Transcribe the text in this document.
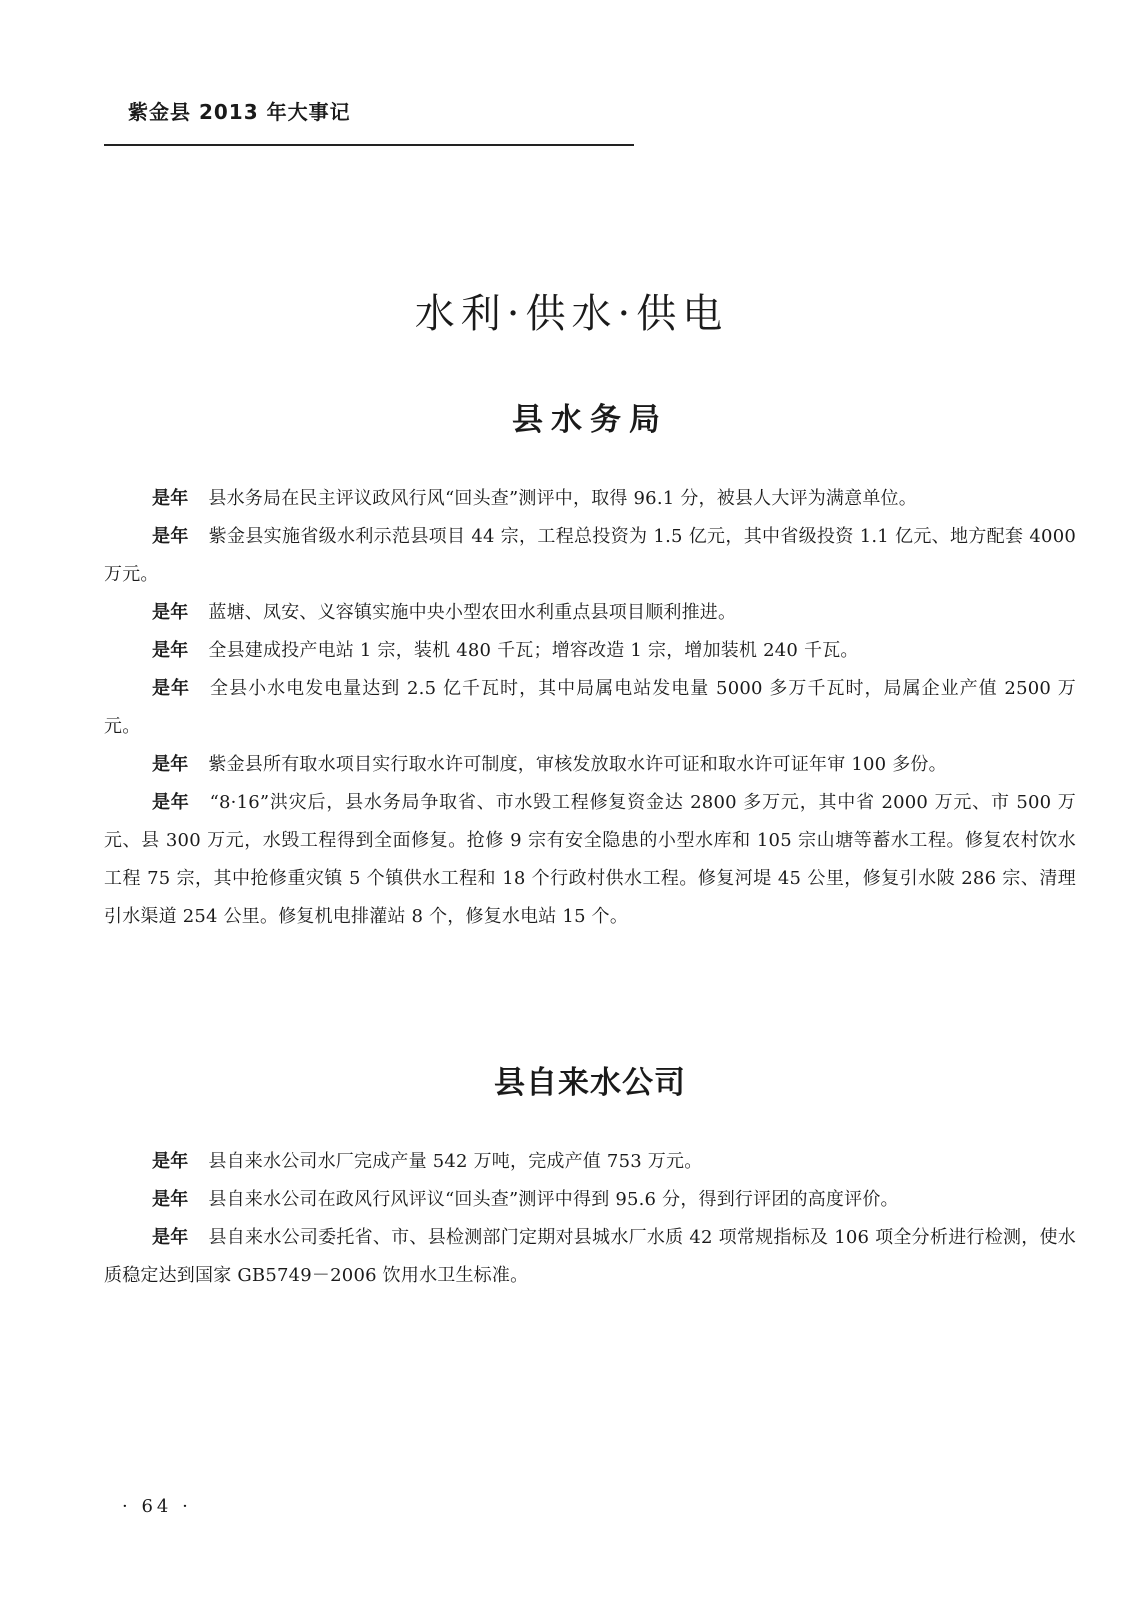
紫金县 2013 年大事记
水利·供水·供电
县水务局

是年 县水务局在民主评议政风行风“回头查”测评中，取得 96.1 分，被县人大评为满意单位。

是年 紫金县实施省级水利示范县项目 44 宗，工程总投资为 1.5 亿元，其中省级投资 1.1 亿元、地方配套 4000 万元。

是年 蓝塘、凤安、义容镇实施中央小型农田水利重点县项目顺利推进。

是年 全县建成投产电站 1 宗，装机 480 千瓦；增容改造 1 宗，增加装机 240 千瓦。

是年 全县小水电发电量达到 2.5 亿千瓦时，其中局属电站发电量 5000 多万千瓦时，局属企业产值 2500 万元。

是年 紫金县所有取水项目实行取水许可制度，审核发放取水许可证和取水许可证年审 100 多份。

是年 “8·16”洪灾后，县水务局争取省、市水毁工程修复资金达 2800 多万元，其中省 2000 万元、市 500 万元、县 300 万元，水毁工程得到全面修复。抢修 9 宗有安全隐患的小型水库和 105 宗山塘等蓄水工程。修复农村饮水工程 75 宗，其中抢修重灾镇 5 个镇供水工程和 18 个行政村供水工程。修复河堤 45 公里，修复引水陂 286 宗、清理引水渠道 254 公里。修复机电排灌站 8 个，修复水电站 15 个。

县自来水公司

是年 县自来水公司水厂完成产量 542 万吨，完成产值 753 万元。

是年 县自来水公司在政风行风评议“回头查”测评中得到 95.6 分，得到行评团的高度评价。

是年 县自来水公司委托省、市、县检测部门定期对县城水厂水质 42 项常规指标及 106 项全分析进行检测，使水质稳定达到国家 GB5749－2006 饮用水卫生标准。

· 64 ·
